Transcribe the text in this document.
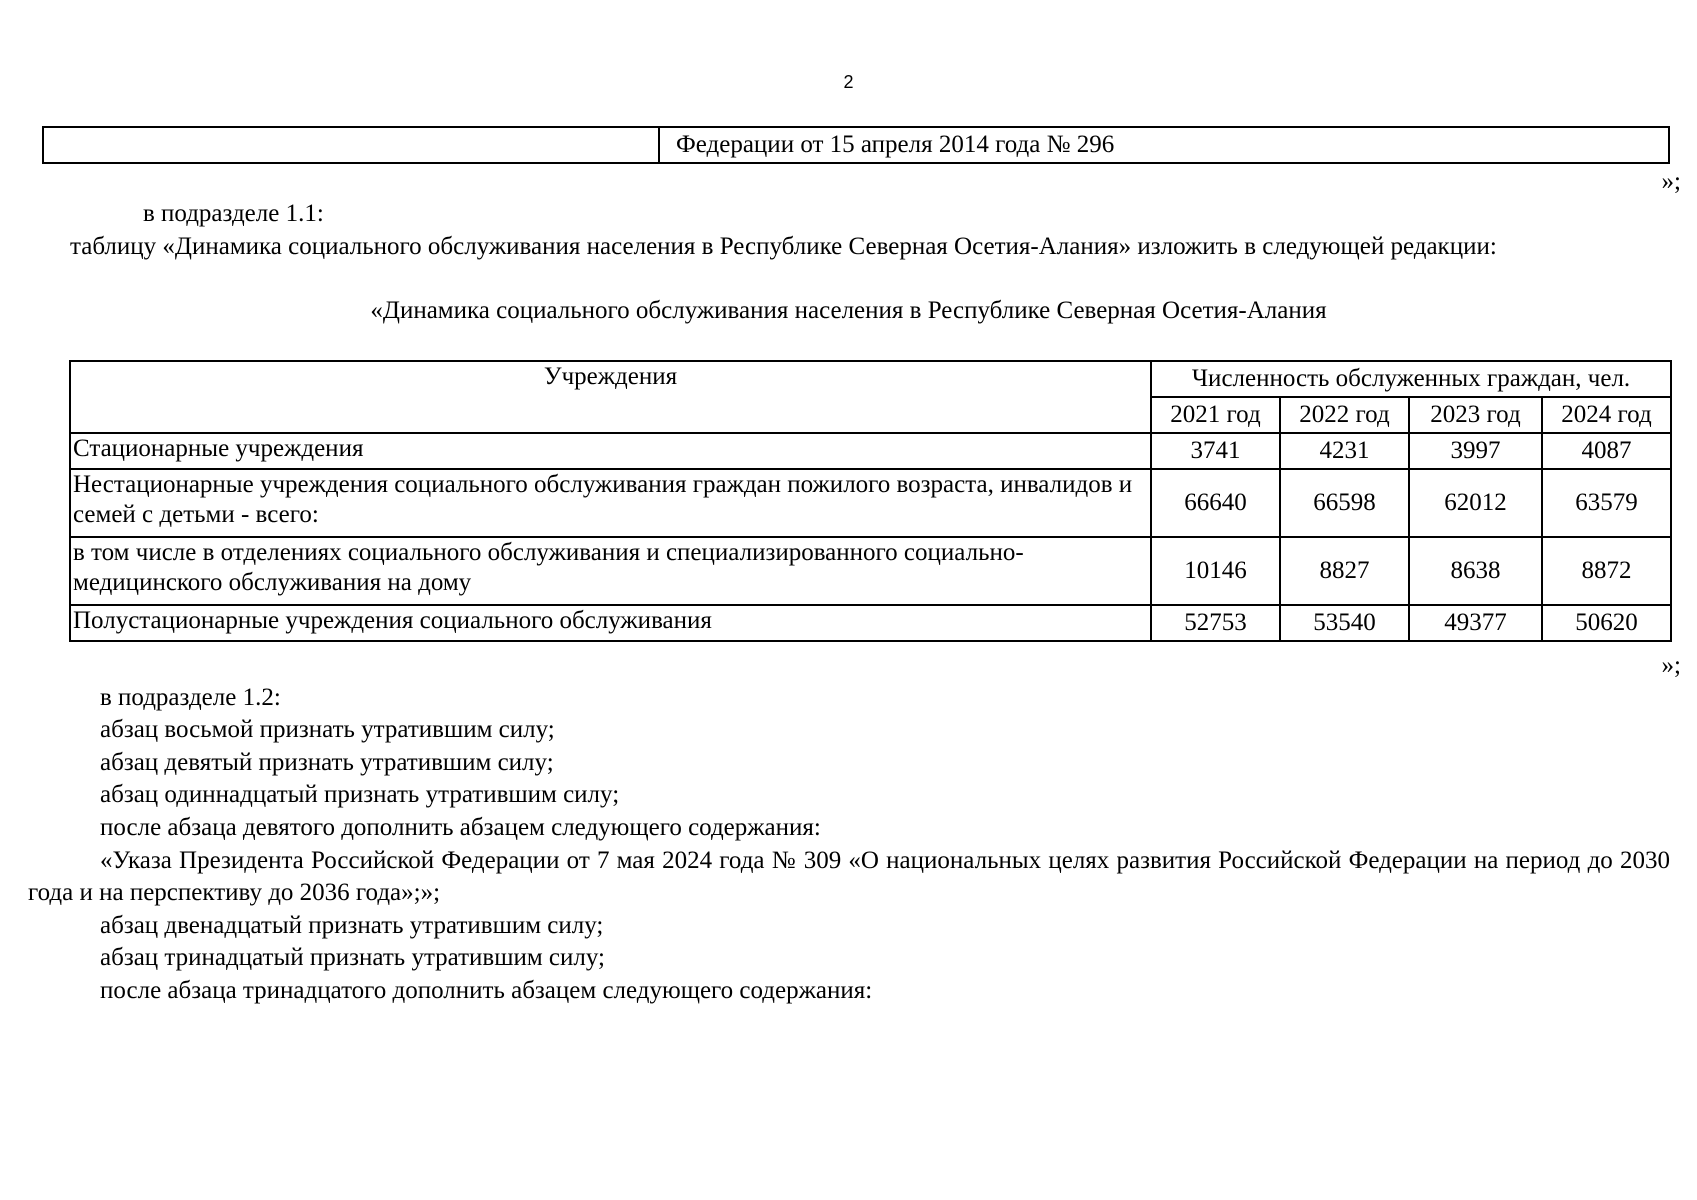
2
	Федерации от 15 апреля 2014 года № 296
»;
в подразделе 1.1:
таблицу «Динамика социального обслуживания населения в Республике Северная Осетия-Алания» изложить в следующей редакции:
«Динамика социального обслуживания населения в Республике Северная Осетия-Алания
Учреждения	Численность обслуженных граждан, чел.			
	2021 год	2022 год	2023 год	2024 год
Стационарные учреждения	3741	4231	3997	4087
Нестационарные учреждения социального обслуживания граждан пожилого возраста, инвалидов и семей с детьми - всего:	66640	66598	62012	63579
в том числе в отделениях социального обслуживания и специализированного социально-медицинского обслуживания на дому	10146	8827	8638	8872
Полустационарные учреждения социального обслуживания	52753	53540	49377	50620
»;
в подразделе 1.2:
абзац восьмой признать утратившим силу;
абзац девятый признать утратившим силу;
абзац одиннадцатый признать утратившим силу;
после абзаца девятого дополнить абзацем следующего содержания:
«Указа Президента Российской Федерации от 7 мая 2024 года № 309 «О национальных целях развития Российской Федерации на период до 2030 года и на перспективу до 2036 года»;»;
абзац двенадцатый признать утратившим силу;
абзац тринадцатый признать утратившим силу;
после абзаца тринадцатого дополнить абзацем следующего содержания:
